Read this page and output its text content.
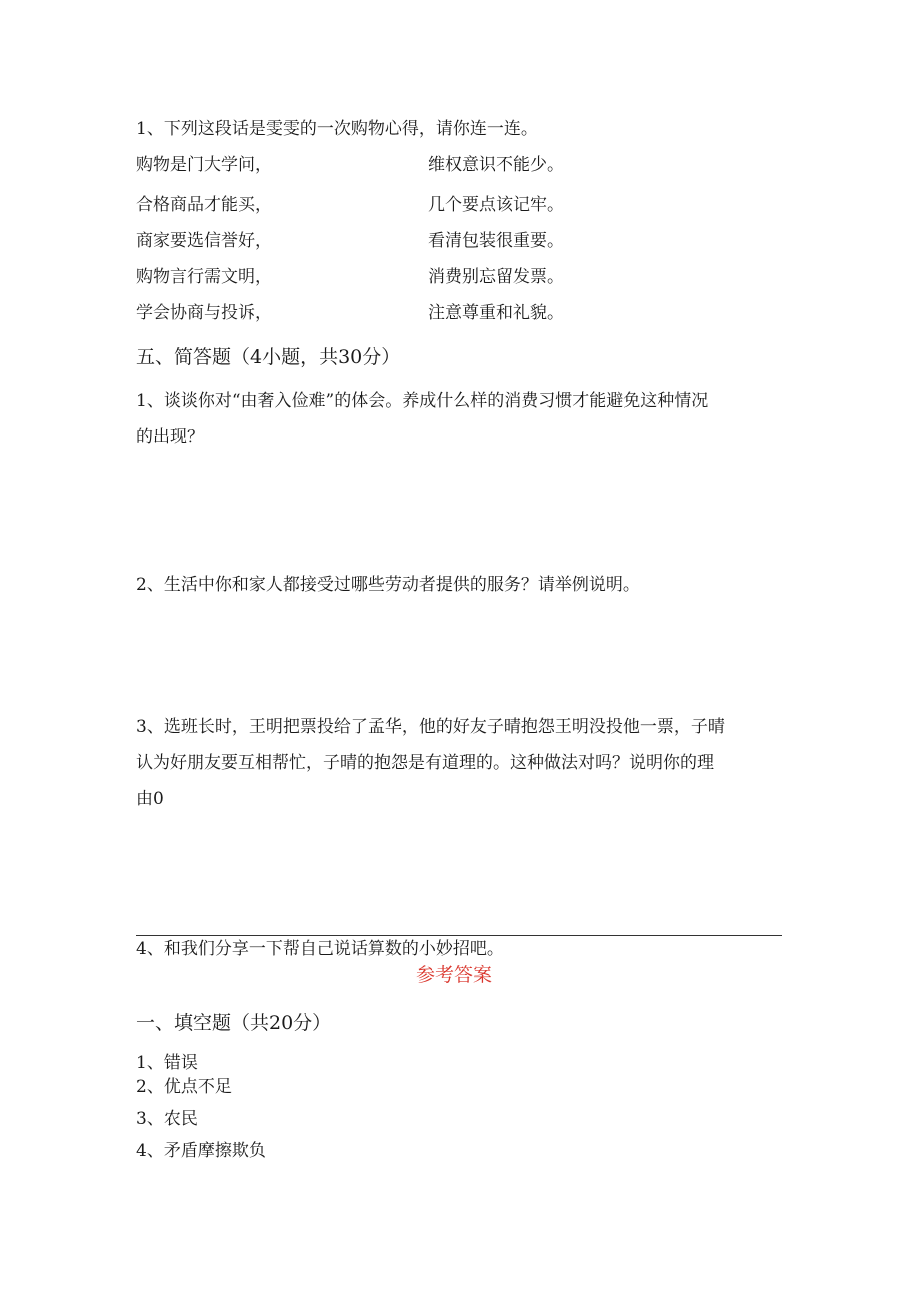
1、下列这段话是雯雯的一次购物心得，请你连一连。
购物是门大学问，	维权意识不能少。
合格商品才能买，	几个要点该记牢。
商家要选信誉好，	看清包装很重要。
购物言行需文明，	消费别忘留发票。
学会协商与投诉，	注意尊重和礼貌。
五、简答题（4小题，共30分）
1、谈谈你对“由奢入俭难”的体会。养成什么样的消费习惯才能避免这种情况
的出现？
2、生活中你和家人都接受过哪些劳动者提供的服务？请举例说明。
3、选班长时，王明把票投给了孟华，他的好友子晴抱怨王明没投他一票，子晴
认为好朋友要互相帮忙，子晴的抱怨是有道理的。这种做法对吗？说明你的理
由0
4、和我们分享一下帮自己说话算数的小妙招吧。
参考答案
一、填空题（共20分）
1、错误
2、优点不足
3、农民
4、矛盾摩擦欺负
